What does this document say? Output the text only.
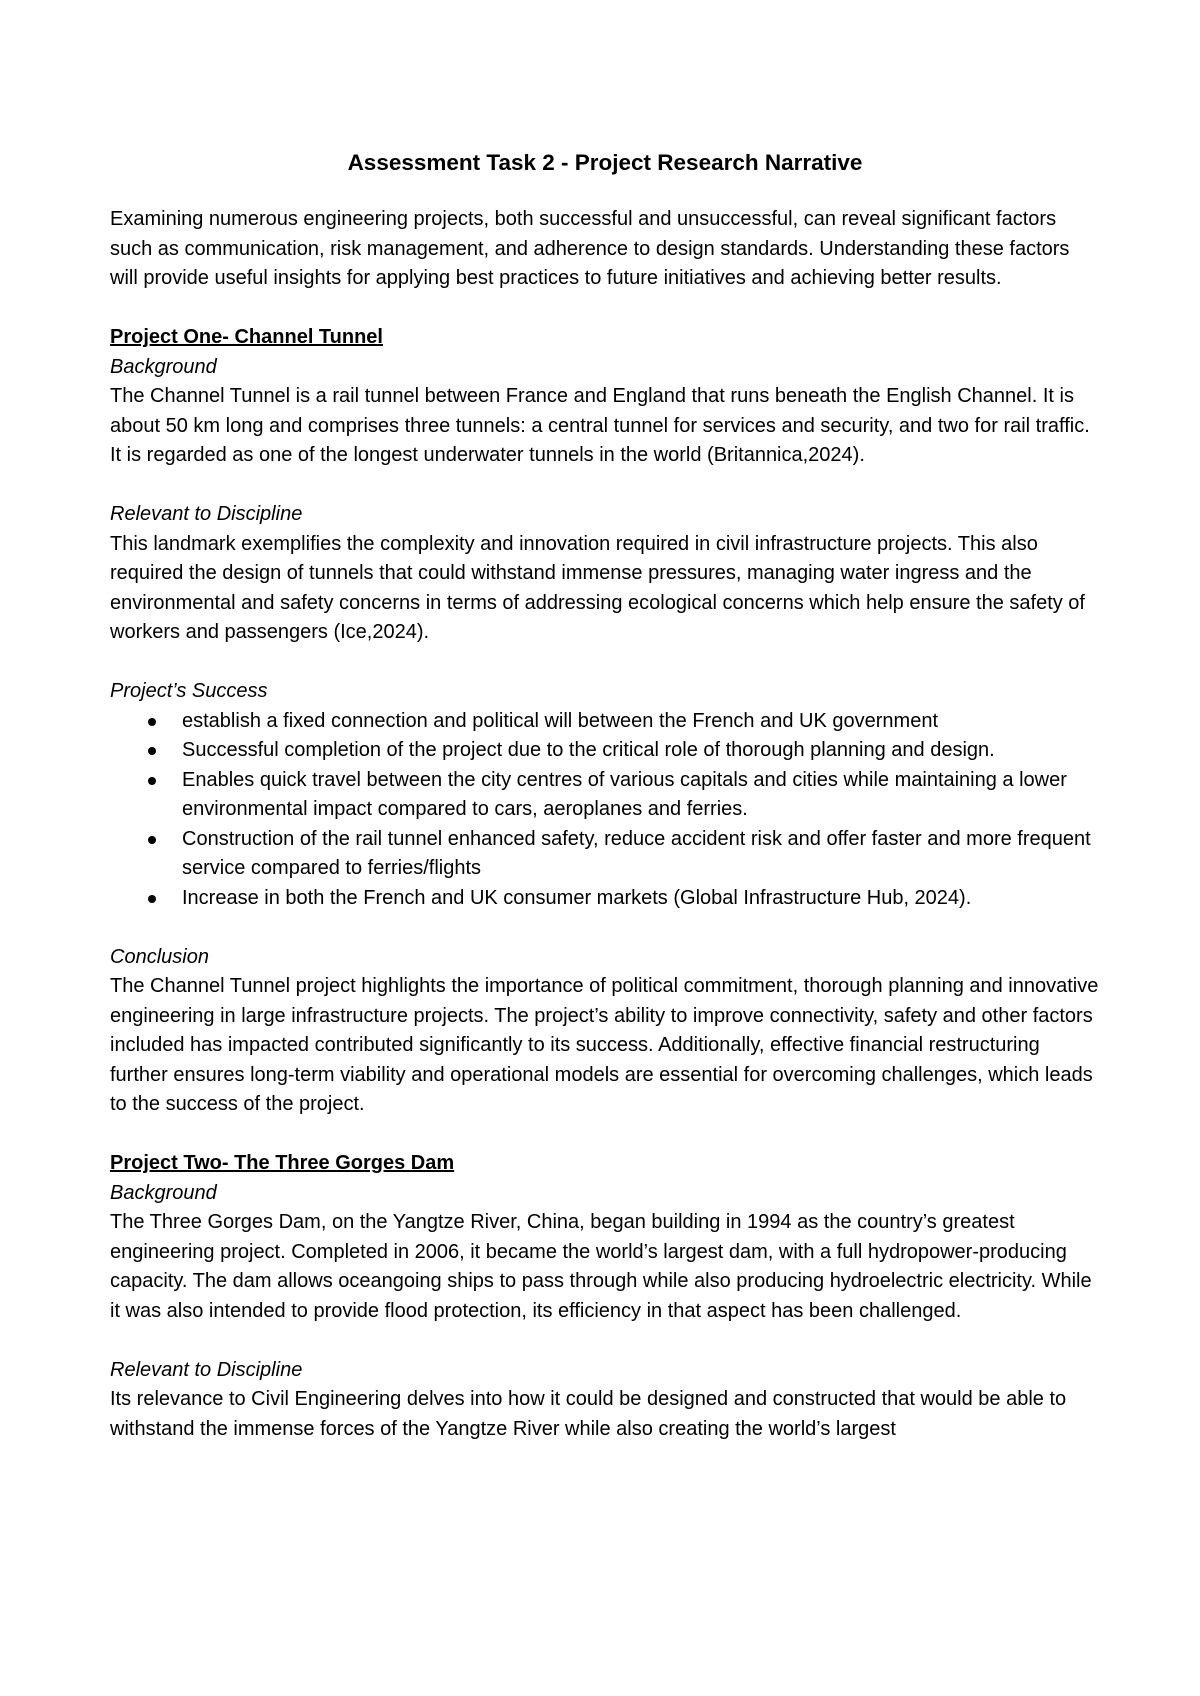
Assessment Task 2 - Project Research Narrative

Examining numerous engineering projects, both successful and unsuccessful, can reveal significant factors such as communication, risk management, and adherence to design standards. Understanding these factors will provide useful insights for applying best practices to future initiatives and achieving better results.

Project One- Channel Tunnel

Background

The Channel Tunnel is a rail tunnel between France and England that runs beneath the English Channel. It is about 50 km long and comprises three tunnels: a central tunnel for services and security, and two for rail traffic. It is regarded as one of the longest underwater tunnels in the world (Britannica,2024).

Relevant to Discipline

This landmark exemplifies the complexity and innovation required in civil infrastructure projects. This also required the design of tunnels that could withstand immense pressures, managing water ingress and the environmental and safety concerns in terms of addressing ecological concerns which help ensure the safety of workers and passengers (Ice,2024).

Project’s Success

establish a fixed connection and political will between the French and UK government
Successful completion of the project due to the critical role of thorough planning and design.
Enables quick travel between the city centres of various capitals and cities while maintaining a lower environmental impact compared to cars, aeroplanes and ferries.
Construction of the rail tunnel enhanced safety, reduce accident risk and offer faster and more frequent service compared to ferries/flights
Increase in both the French and UK consumer markets (Global Infrastructure Hub, 2024).

Conclusion

The Channel Tunnel project highlights the importance of political commitment, thorough planning and innovative engineering in large infrastructure projects. The project’s ability to improve connectivity, safety and other factors included has impacted contributed significantly to its success. Additionally, effective financial restructuring further ensures long-term viability and operational models are essential for overcoming challenges, which leads to the success of the project.

Project Two- The Three Gorges Dam

Background

The Three Gorges Dam, on the Yangtze River, China, began building in 1994 as the country’s greatest engineering project. Completed in 2006, it became the world’s largest dam, with a full hydropower-producing capacity. The dam allows oceangoing ships to pass through while also producing hydroelectric electricity. While it was also intended to provide flood protection, its efficiency in that aspect has been challenged.

Relevant to Discipline

Its relevance to Civil Engineering delves into how it could be designed and constructed that would be able to withstand the immense forces of the Yangtze River while also creating the world’s largest
